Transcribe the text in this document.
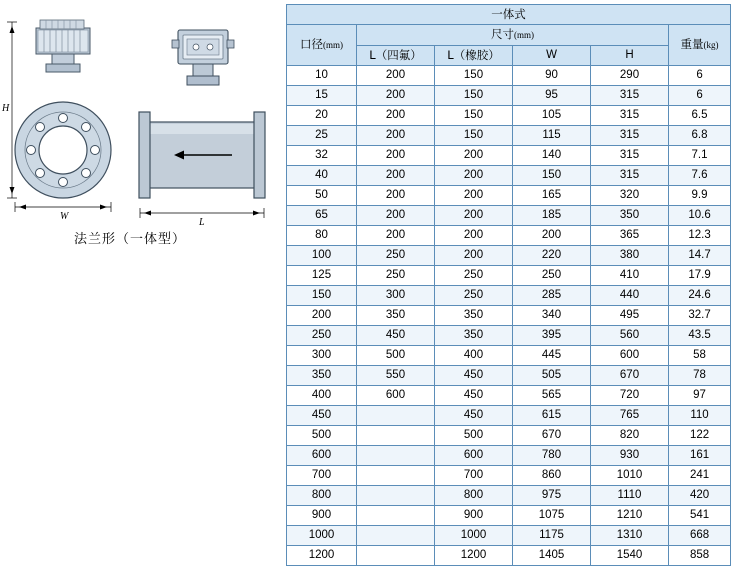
H
W
L
法兰形（一体型）
一体式					
口径(mm)	尺寸(mm)				重量(kg)
	L（四氟）	L（橡胶）	W	H	
10	200	150	90	290	6
15	200	150	95	315	6
20	200	150	105	315	6.5
25	200	150	115	315	6.8
32	200	200	140	315	7.1
40	200	200	150	315	7.6
50	200	200	165	320	9.9
65	200	200	185	350	10.6
80	200	200	200	365	12.3
100	250	200	220	380	14.7
125	250	250	250	410	17.9
150	300	250	285	440	24.6
200	350	350	340	495	32.7
250	450	350	395	560	43.5
300	500	400	445	600	58
350	550	450	505	670	78
400	600	450	565	720	97
450		450	615	765	110
500		500	670	820	122
600		600	780	930	161
700		700	860	1010	241
800		800	975	1110	420
900		900	1075	1210	541
1000		1000	1175	1310	668
1200		1200	1405	1540	858
